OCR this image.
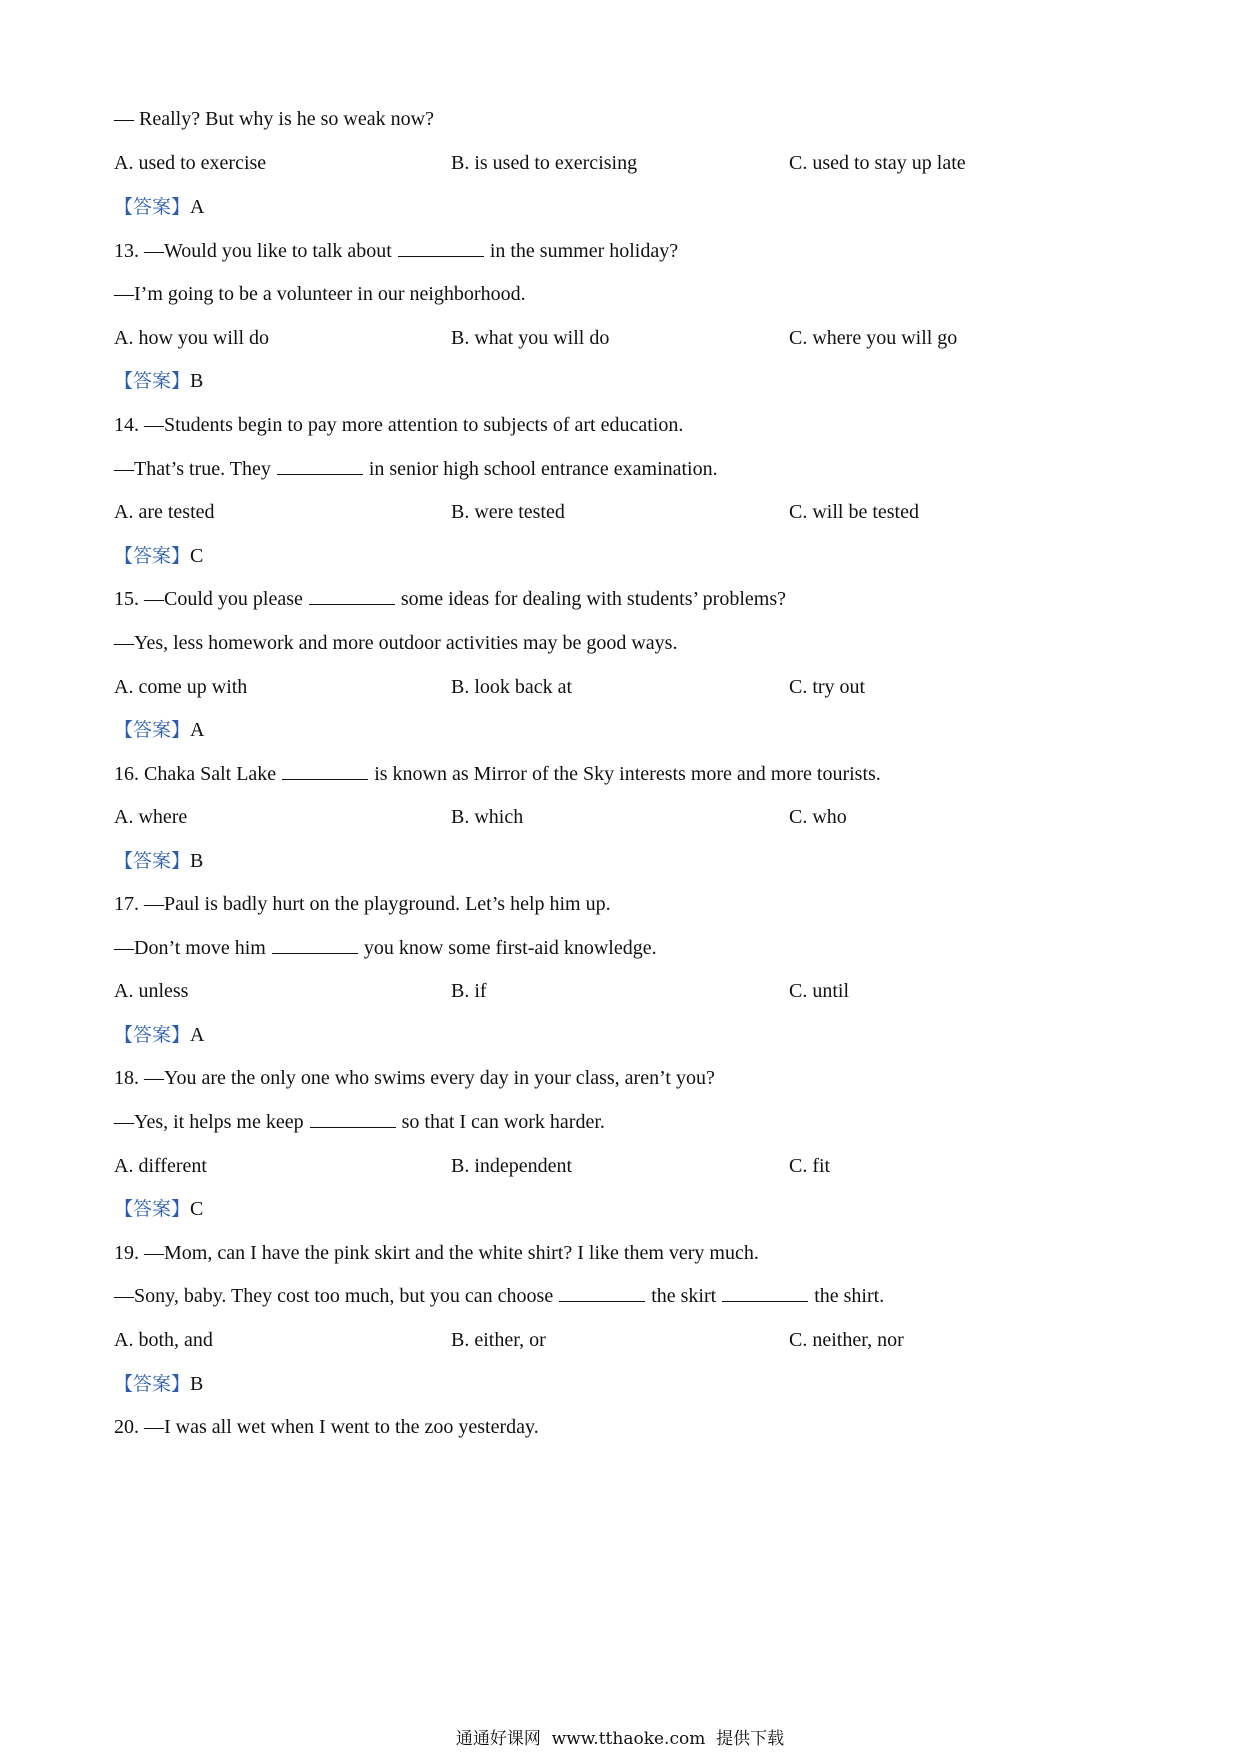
— Really? But why is he so weak now?
A. used to exercise	B. is used to exercising	C. used to stay up late
【答案】A
13. —Would you like to talk about	in the summer holiday?
—I’m going to be a volunteer in our neighborhood.
A. how you will do	B. what you will do	C. where you will go
【答案】B
14. —Students begin to pay more attention to subjects of art education.
—That’s true. They	in senior high school entrance examination.
A. are tested	B. were tested	C. will be tested
【答案】C
15. —Could you please	some ideas for dealing with students’ problems?
—Yes, less homework and more outdoor activities may be good ways.
A. come up with	B. look back at	C. try out
【答案】A
16. Chaka Salt Lake	is known as Mirror of the Sky interests more and more tourists.
A. where	B. which	C. who
【答案】B
17. —Paul is badly hurt on the playground. Let’s help him up.
—Don’t move him	you know some first-aid knowledge.
A. unless	B. if	C. until
【答案】A
18. —You are the only one who swims every day in your class, aren’t you?
—Yes, it helps me keep	so that I can work harder.
A. different	B. independent	C. fit
【答案】C
19. —Mom, can I have the pink skirt and the white shirt? I like them very much.
—Sony, baby. They cost too much, but you can choose	the skirt	the shirt.
A. both, and	B. either, or	C. neither, nor
【答案】B
20. —I was all wet when I went to the zoo yesterday.
通通好课网  www.tthaoke.com  提供下载
